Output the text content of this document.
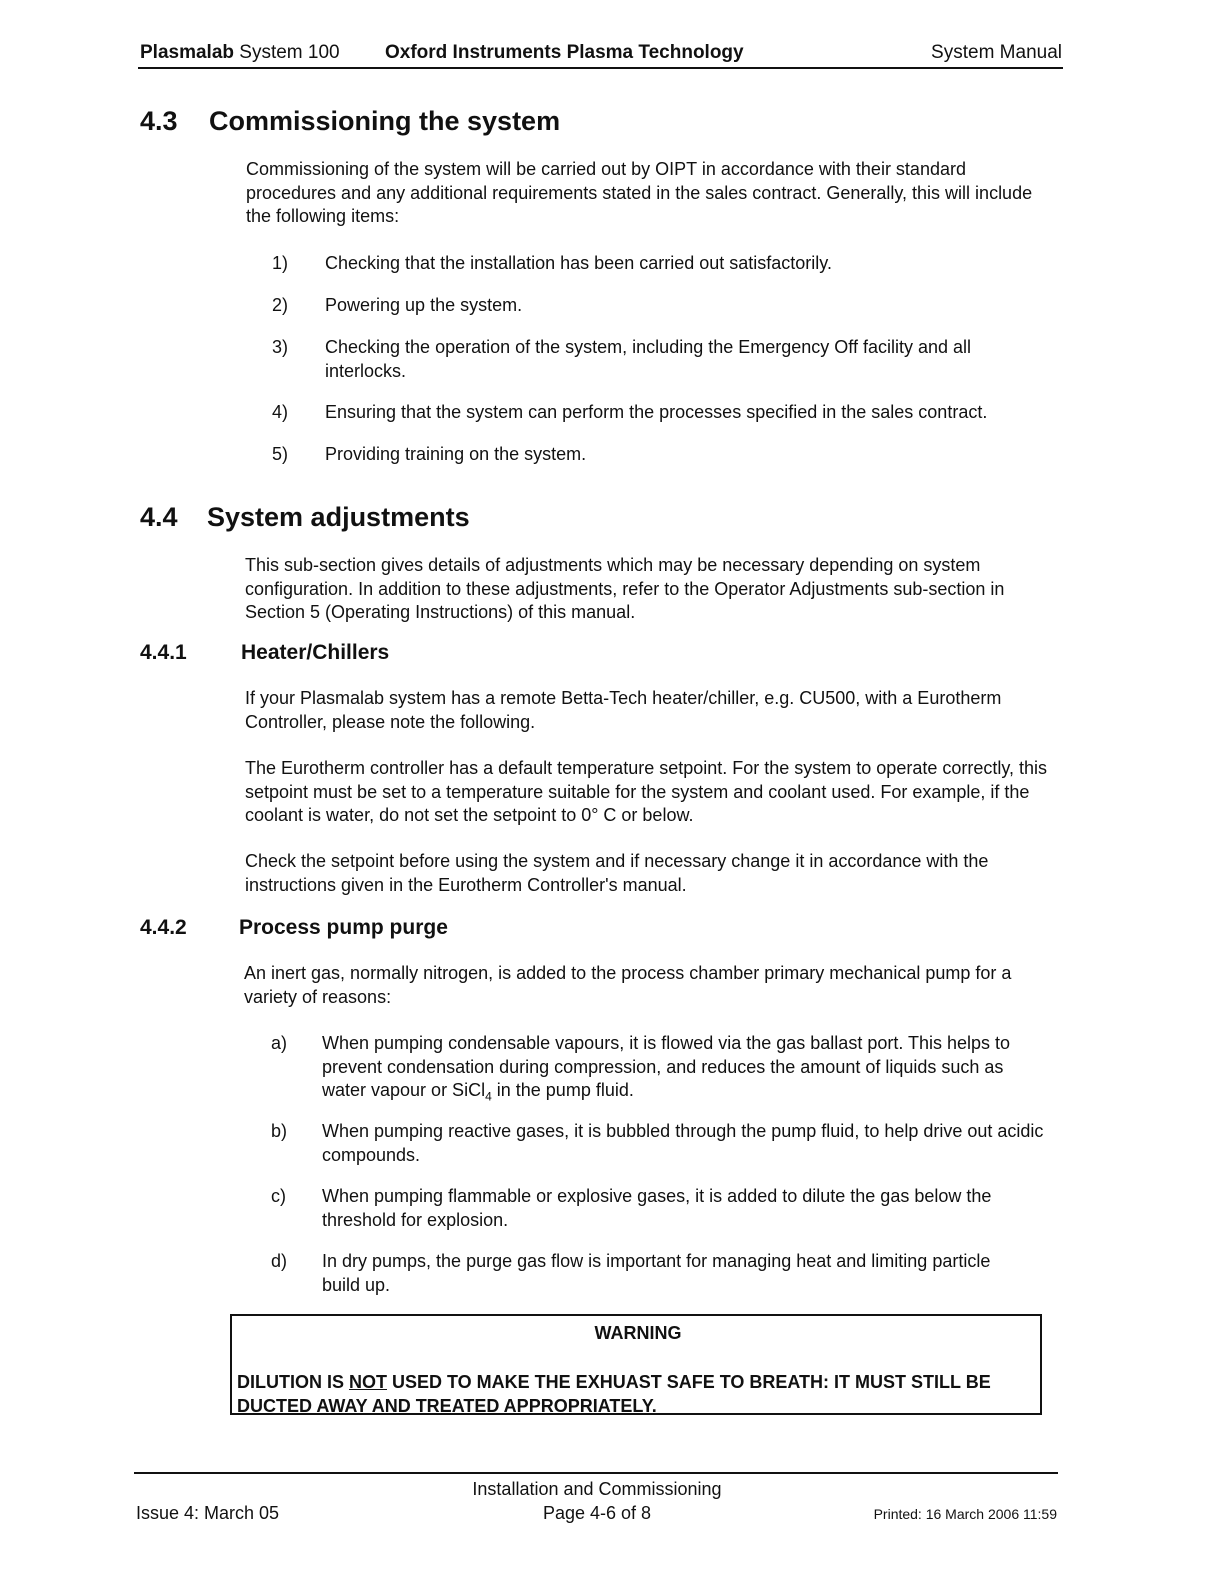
Plasmalab System 100 Oxford Instruments Plasma Technology	System Manual
4.3 Commissioning the system
Commissioning of the system will be carried out by OIPT in accordance with their standard procedures and any additional requirements stated in the sales contract. Generally, this will include the following items:
1) Checking that the installation has been carried out satisfactorily.
2) Powering up the system.
3) Checking the operation of the system, including the Emergency Off facility and all interlocks.
4) Ensuring that the system can perform the processes specified in the sales contract.
5) Providing training on the system.
4.4 System adjustments
This sub-section gives details of adjustments which may be necessary depending on system configuration. In addition to these adjustments, refer to the Operator Adjustments sub-section in Section 5 (Operating Instructions) of this manual.
4.4.1	Heater/Chillers
If your Plasmalab system has a remote Betta-Tech heater/chiller, e.g. CU500, with a Eurotherm Controller, please note the following.
The Eurotherm controller has a default temperature setpoint. For the system to operate correctly, this setpoint must be set to a temperature suitable for the system and coolant used. For example, if the coolant is water, do not set the setpoint to 0° C or below.
Check the setpoint before using the system and if necessary change it in accordance with the instructions given in the Eurotherm Controller's manual.
4.4.2 Process pump purge
An inert gas, normally nitrogen, is added to the process chamber primary mechanical pump for a variety of reasons:
a) When pumping condensable vapours, it is flowed via the gas ballast port. This helps to prevent condensation during compression, and reduces the amount of liquids such as water vapour or SiCl$_4$ in the pump fluid.
b) When pumping reactive gases, it is bubbled through the pump fluid, to help drive out acidic compounds.
c) When pumping flammable or explosive gases, it is added to dilute the gas below the threshold for explosion.
d) In dry pumps, the purge gas flow is important for managing heat and limiting particle build up.
WARNING
DILUTION IS NOT USED TO MAKE THE EXHUAST SAFE TO BREATH: IT MUST STILL BE DUCTED AWAY AND TREATED APPROPRIATELY.
Issue 4: March 05
Installation and Commissioning
Page 4-6 of 8	Printed: 16 March 2006 11:59
